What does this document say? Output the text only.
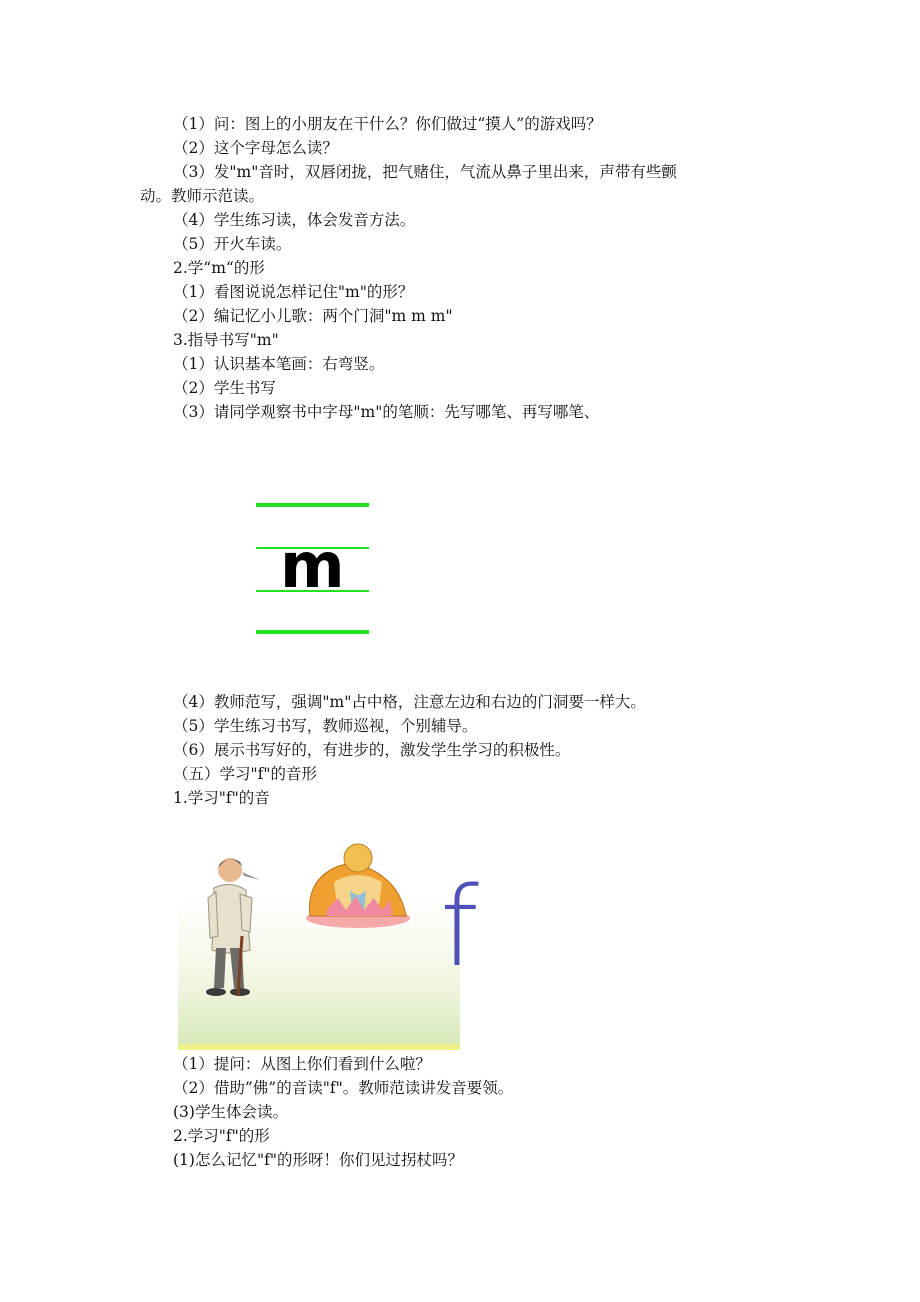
（1）问：图上的小朋友在干什么？你们做过“摸人”的游戏吗？
（2）这个字母怎么读？
（3）发"m"音时，双唇闭拢，把气赌住，气流从鼻子里出来，声带有些颤
动。教师示范读。
（4）学生练习读，体会发音方法。
（5）开火车读。
2.学“m“的形
（1）看图说说怎样记住"m"的形？
（2）编记忆小儿歌：两个门洞"m m m"
3.指导书写"m"
（1）认识基本笔画：右弯竖。
（2）学生书写
（3）请同学观察书中字母"m"的笔顺：先写哪笔、再写哪笔、
m
（4）教师范写，强调"m"占中格，注意左边和右边的门洞要一样大。
（5）学生练习书写，教师巡视，个别辅导。
（6）展示书写好的，有进步的，激发学生学习的积极性。
（五）学习"f"的音形
1.学习"f"的音
f
（1）提问：从图上你们看到什么啦？
（2）借助”佛”的音读"f"。教师范读讲发音要领。
(3)学生体会读。
2.学习"f"的形
(1)怎么记忆"f"的形呀！你们见过拐杖吗？
